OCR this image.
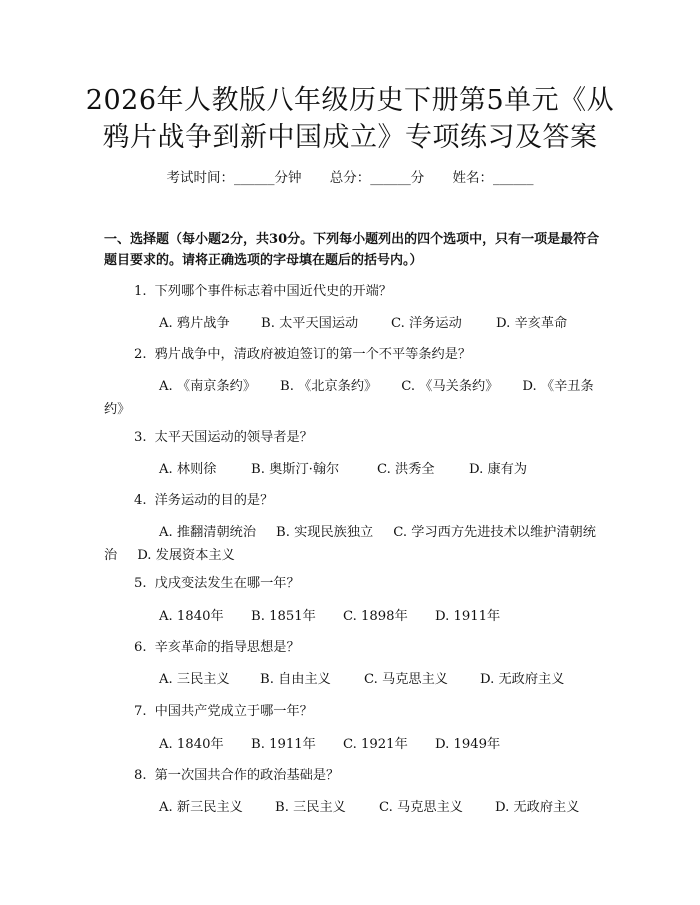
2026年人教版八年级历史下册第5单元《从
鸦片战争到新中国成立》专项练习及答案
考试时间：______分钟 总分：______分 姓名：______
一、选择题（每小题2分，共30分。下列每小题列出的四个选项中，只有一项是最符合题目要求的。请将正确选项的字母填在题后的括号内。）
1. 下列哪个事件标志着中国近代史的开端？
A. 鸦片战争 B. 太平天国运动 C. 洋务运动	D. 辛亥革命
2. 鸦片战争中，清政府被迫签订的第一个不平等条约是？
A. 《南京条约》 B. 《北京条约》 C. 《马关条约》 D. 《辛丑条约》
3. 太平天国运动的领导者是？
A. 林则徐	B. 奥斯汀·翰尔	C. 洪秀全	D. 康有为
4. 洋务运动的目的是？
A. 推翻清朝统治 B. 实现民族独立 C. 学习西方先进技术以维护清朝统治 D. 发展资本主义
5. 戊戌变法发生在哪一年？
A. 1840年 B. 1851年 C. 1898年 D. 1911年
6. 辛亥革命的指导思想是？
A. 三民主义 B. 自由主义	C. 马克思主义 D. 无政府主义
7. 中国共产党成立于哪一年？
A. 1840年 B. 1911年 C. 1921年 D. 1949年
8. 第一次国共合作的政治基础是？
A. 新三民主义 B. 三民主义	C. 马克思主义 D. 无政府主义
